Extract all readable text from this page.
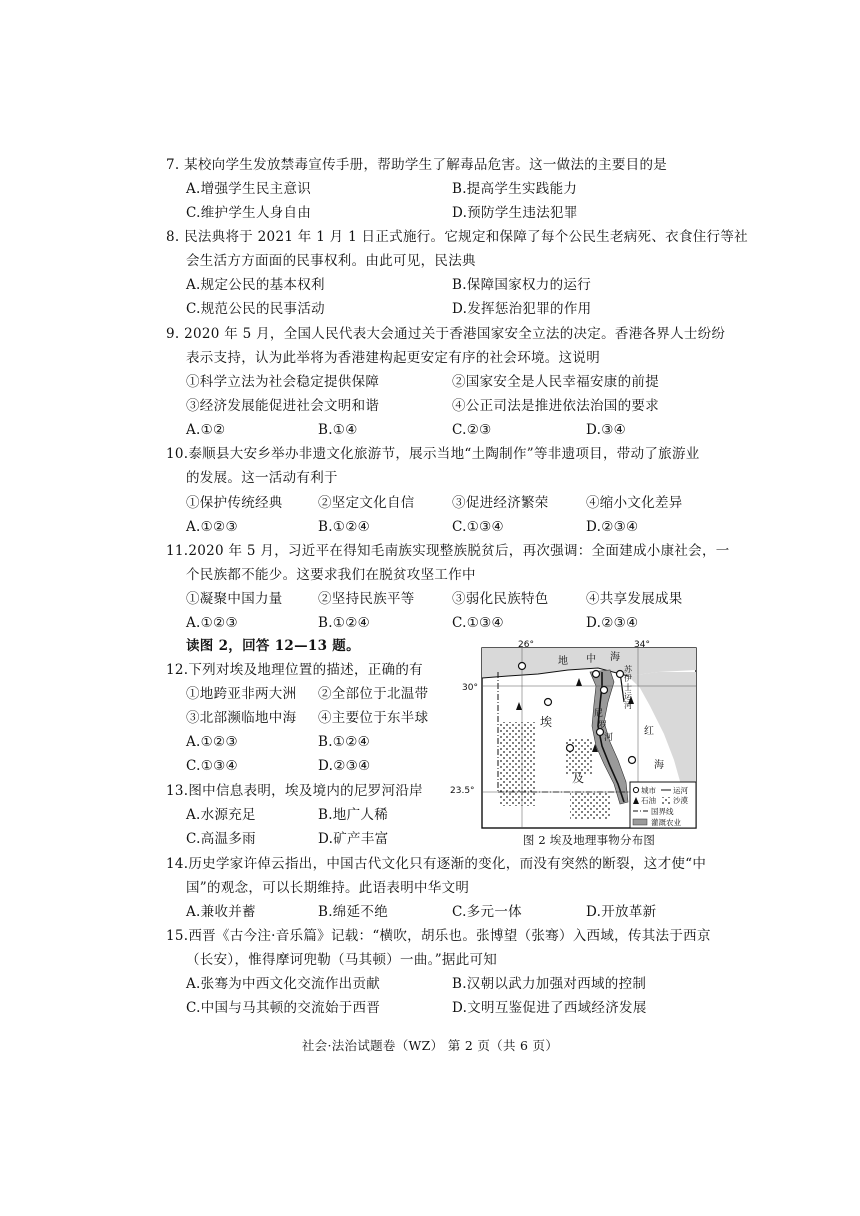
7. 某校向学生发放禁毒宣传手册，帮助学生了解毒品危害。这一做法的主要目的是
A.增强学生民主意识	B.提高学生实践能力
C.维护学生人身自由	D.预防学生违法犯罪
8. 民法典将于 2021 年 1 月 1 日正式施行。它规定和保障了每个公民生老病死、衣食住行等社
会生活方方面面的民事权利。由此可见，民法典
A.规定公民的基本权利	B.保障国家权力的运行
C.规范公民的民事活动	D.发挥惩治犯罪的作用
9. 2020 年 5 月，全国人民代表大会通过关于香港国家安全立法的决定。香港各界人士纷纷
表示支持，认为此举将为香港建构起更安定有序的社会环境。这说明
①科学立法为社会稳定提供保障	②国家安全是人民幸福安康的前提
③经济发展能促进社会文明和谐	④公正司法是推进依法治国的要求
A.①②	B.①④	C.②③	D.③④
10.泰顺县大安乡举办非遗文化旅游节，展示当地“土陶制作”等非遗项目，带动了旅游业
的发展。这一活动有利于
①保护传统经典	②坚定文化自信	③促进经济繁荣	④缩小文化差异
A.①②③	B.①②④	C.①③④	D.②③④
11.2020 年 5 月，习近平在得知毛南族实现整族脱贫后，再次强调：全面建成小康社会，一
个民族都不能少。这要求我们在脱贫攻坚工作中
①凝聚中国力量	②坚持民族平等	③弱化民族特色	④共享发展成果
A.①②③	B.①②④	C.①③④	D.②③④
读图 2，回答 12—13 题。
12.下列对埃及地理位置的描述，正确的有
①地跨亚非两大洲 ②全部位于北温带
③北部濒临地中海 ④主要位于东半球
A.①②③	B.①②④
C.①③④	D.②③④
13.图中信息表明，埃及境内的尼罗河沿岸
A.水源充足	B.地广人稀
C.高温多雨	D.矿产丰富
26°	34°
30°
地 中 海
苏
伊
士
运
河
埃
及
尼
罗
河
红
海
城市 运河
石油 沙漠
国界线
灌溉农业
23.5°
图 2 埃及地理事物分布图
14.历史学家许倬云指出，中国古代文化只有逐渐的变化，而没有突然的断裂，这才使“中
国”的观念，可以长期维持。此语表明中华文明
A.兼收并蓄	B.绵延不绝	C.多元一体	D.开放革新
15.西晋《古今注·音乐篇》记载：“横吹，胡乐也。张博望（张骞）入西域，传其法于西京
（长安），惟得摩诃兜勒（马其顿）一曲。”据此可知
A.张骞为中西文化交流作出贡献	B.汉朝以武力加强对西域的控制
C.中国与马其顿的交流始于西晋	D.文明互鉴促进了西域经济发展
社会·法治试题卷（WZ） 第 2 页（共 6 页）
